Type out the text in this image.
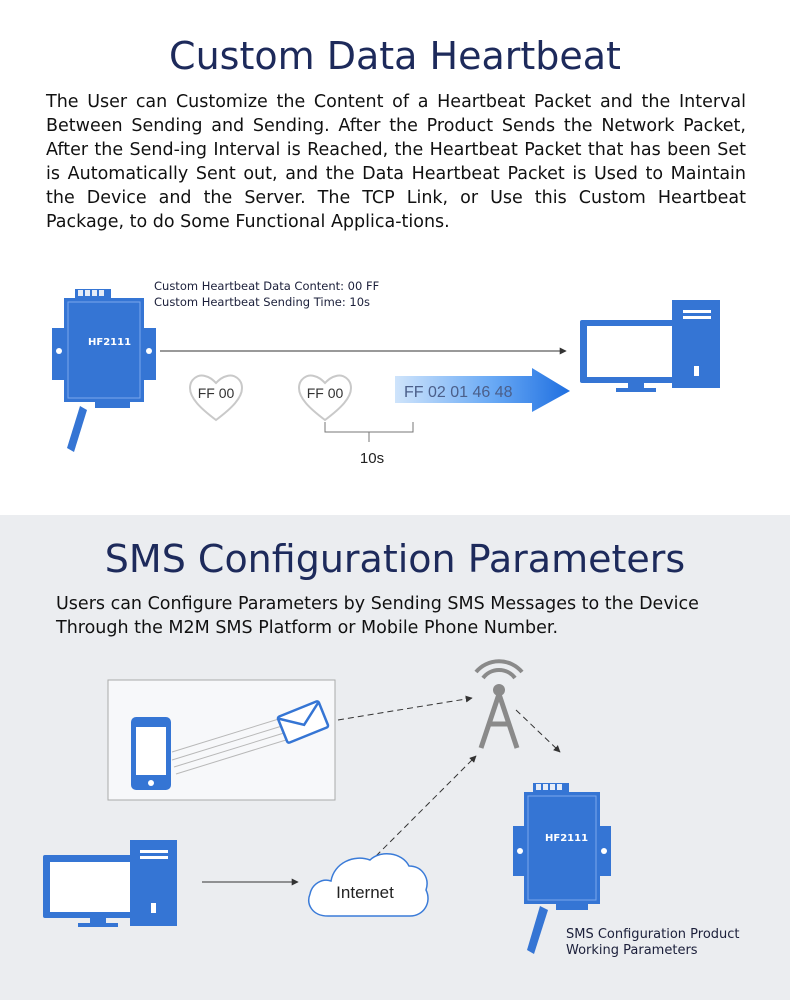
Custom Data Heartbeat

The User can Customize the Content of a Heartbeat Packet and the Interval Between Sending and Sending. After the Product Sends the Network Packet, After the Send-ing Interval is Reached, the Heartbeat Packet that has been Set is Automatically Sent out, and the Data Heartbeat Packet is Used to Maintain the Device and the Server. The TCP Link, or Use this Custom Heartbeat Package, to do Some Functional Applica-tions.

SMS Configuration Parameters

Users can Configure Parameters by Sending SMS Messages to the Device Through the M2M SMS Platform or Mobile Phone Number.

HF2111
Custom Heartbeat Data Content: 00 FF
Custom Heartbeat Sending Time: 10s
FF 00	FF 00
10s
FF 02 01 46 48
Internet
HF2111
SMS Configuration Product
Working Parameters
